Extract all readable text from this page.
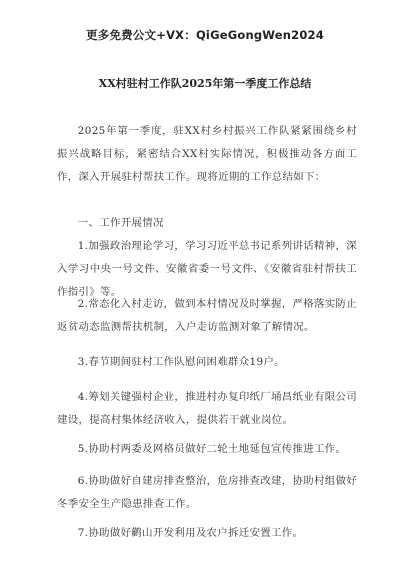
更多免费公文+VX：QiGeGongWen2024
XX村驻村工作队2025年第一季度工作总结

2025年第一季度，驻XX村乡村振兴工作队紧紧围绕乡村振兴战略目标，紧密结合XX村实际情况，积极推动各方面工作，深入开展驻村帮扶工作。现将近期的工作总结如下：

一、工作开展情况

1.加强政治理论学习，学习习近平总书记系列讲话精神，深入学习中央一号文件、安徽省委一号文件、《安徽省驻村帮扶工作指引》等。

2.常态化入村走访，做到本村情况及时掌握，严格落实防止返贫动态监测帮扶机制，入户走访监测对象了解情况。

3.春节期间驻村工作队慰问困难群众19户。

4.筹划关键强村企业，推进村办复印纸厂埇昌纸业有限公司建设，提高村集体经济收入，提供若干就业岗位。

5.协助村两委及网格员做好二轮土地延包宣传推进工作。

6.协助做好自建房排查整治，危房排查改建，协助村组做好冬季安全生产隐患排查工作。

7.协助做好鹳山开发利用及农户拆迁安置工作。
